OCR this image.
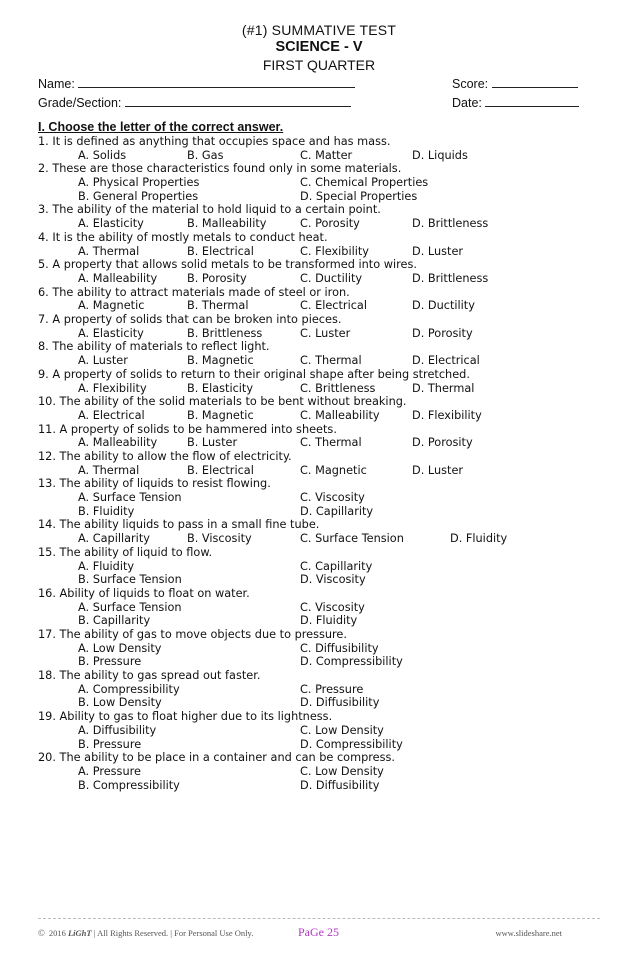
(#1) SUMMATIVE TEST
SCIENCE - V
FIRST QUARTER
Name:	Score:
Grade/Section:	Date:
I. Choose the letter of the correct answer.
1. It is defined as anything that occupies space and has mass.
A. Solids	B. Gas	C. Matter	D. Liquids
2. These are those characteristics found only in some materials.
A. Physical Properties	C. Chemical Properties
B. General Properties	D. Special Properties
3. The ability of the material to hold liquid to a certain point.
A. Elasticity	B. Malleability	C. Porosity	D. Brittleness
4. It is the ability of mostly metals to conduct heat.
A. Thermal	B. Electrical	C. Flexibility	D. Luster
5. A property that allows solid metals to be transformed into wires.
A. Malleability	B. Porosity	C. Ductility	D. Brittleness
6. The ability to attract materials made of steel or iron.
A. Magnetic	B. Thermal	C. Electrical	D. Ductility
7. A property of solids that can be broken into pieces.
A. Elasticity	B. Brittleness	C. Luster	D. Porosity
8. The ability of materials to reflect light.
A. Luster	B. Magnetic	C. Thermal	D. Electrical
9. A property of solids to return to their original shape after being stretched.
A. Flexibility	B. Elasticity	C. Brittleness	D. Thermal
10. The ability of the solid materials to be bent without breaking.
A. Electrical	B. Magnetic	C. Malleability	D. Flexibility
11. A property of solids to be hammered into sheets.
A. Malleability	B. Luster	C. Thermal	D. Porosity
12. The ability to allow the flow of electricity.
A. Thermal	B. Electrical	C. Magnetic	D. Luster
13. The ability of liquids to resist flowing.
A. Surface Tension	C. Viscosity
B. Fluidity	D. Capillarity
14. The ability liquids to pass in a small fine tube.
A. Capillarity	B. Viscosity	C. Surface Tension	D. Fluidity
15. The ability of liquid to flow.
A. Fluidity	C. Capillarity
B. Surface Tension	D. Viscosity
16. Ability of liquids to float on water.
A. Surface Tension	C. Viscosity
B. Capillarity	D. Fluidity
17. The ability of gas to move objects due to pressure.
A. Low Density	C. Diffusibility
B. Pressure	D. Compressibility
18. The ability to gas spread out faster.
A. Compressibility	C. Pressure
B. Low Density	D. Diffusibility
19. Ability to gas to float higher due to its lightness.
A. Diffusibility	C. Low Density
B. Pressure	D. Compressibility
20. The ability to be place in a container and can be compress.
A. Pressure	C. Low Density
B. Compressibility	D. Diffusibility
© 2016 LiGhT | All Rights Reserved. | For Personal Use Only.	PaGe 25	www.slideshare.net
